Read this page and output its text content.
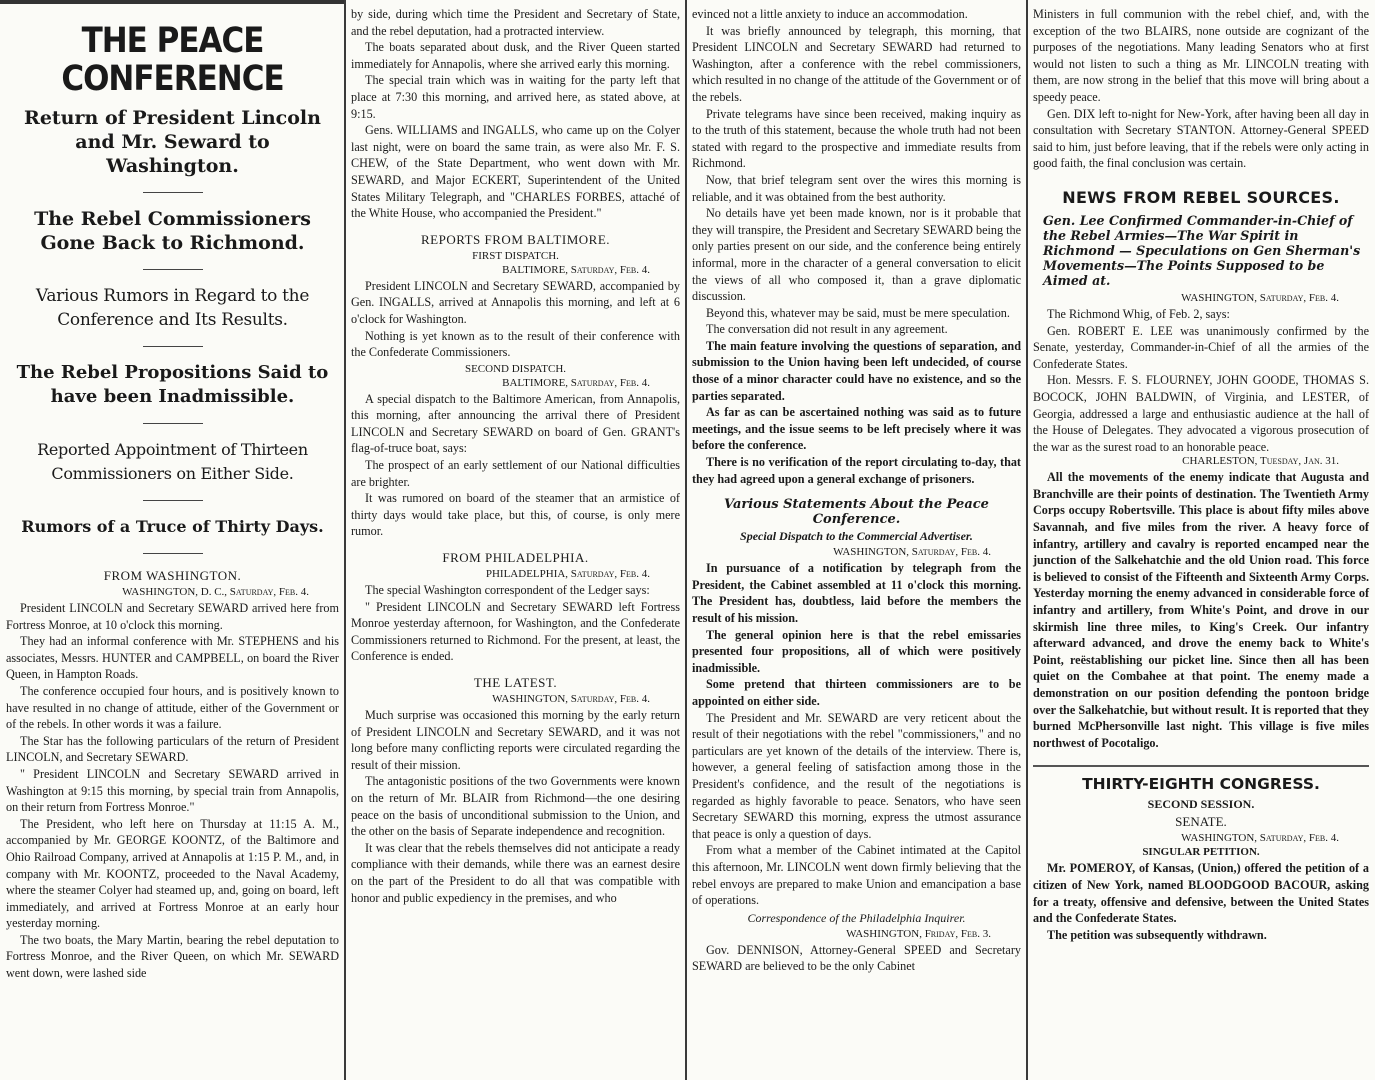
THE PEACE CONFERENCE
Return of President Lincoln and Mr. Seward to Washington.
The Rebel Commissioners Gone Back to Richmond.
Various Rumors in Regard to the Conference and Its Results.
The Rebel Propositions Said to have been Inadmissible.
Reported Appointment of Thirteen Commissioners on Either Side.
Rumors of a Truce of Thirty Days.
FROM WASHINGTON.
WASHINGTON, D. C., Saturday, Feb. 4.

President LINCOLN and Secretary SEWARD arrived here from Fortress Monroe, at 10 o'clock this morning.

They had an informal conference with Mr. STEPHENS and his associates, Messrs. HUNTER and CAMPBELL, on board the River Queen, in Hampton Roads.

The conference occupied four hours, and is positively known to have resulted in no change of attitude, either of the Government or of the rebels. In other words it was a failure.

The Star has the following particulars of the return of President LINCOLN, and Secretary SEWARD.

" President LINCOLN and Secretary SEWARD arrived in Washington at 9:15 this morning, by special train from Annapolis, on their return from Fortress Monroe."

The President, who left here on Thursday at 11:15 A. M., accompanied by Mr. GEORGE KOONTZ, of the Baltimore and Ohio Railroad Company, arrived at Annapolis at 1:15 P. M., and, in company with Mr. KOONTZ, proceeded to the Naval Academy, where the steamer Colyer had steamed up, and, going on board, left immediately, and arrived at Fortress Monroe at an early hour yesterday morning.

The two boats, the Mary Martin, bearing the rebel deputation to Fortress Monroe, and the River Queen, on which Mr. SEWARD went down, were lashed side

by side, during which time the President and Secretary of State, and the rebel deputation, had a protracted interview.

The boats separated about dusk, and the River Queen started immediately for Annapolis, where she arrived early this morning.

The special train which was in waiting for the party left that place at 7:30 this morning, and arrived here, as stated above, at 9:15.

Gens. WILLIAMS and INGALLS, who came up on the Colyer last night, were on board the same train, as were also Mr. F. S. CHEW, of the State Department, who went down with Mr. SEWARD, and Major ECKERT, Superintendent of the United States Military Telegraph, and "CHARLES FORBES, attaché of the White House, who accompanied the President."

REPORTS FROM BALTIMORE.
FIRST DISPATCH.
BALTIMORE, Saturday, Feb. 4.

President LINCOLN and Secretary SEWARD, accompanied by Gen. INGALLS, arrived at Annapolis this morning, and left at 6 o'clock for Washington.

Nothing is yet known as to the result of their conference with the Confederate Commissioners.

SECOND DISPATCH.
BALTIMORE, Saturday, Feb. 4.

A special dispatch to the Baltimore American, from Annapolis, this morning, after announcing the arrival there of President LINCOLN and Secretary SEWARD on board of Gen. GRANT's flag-of-truce boat, says:

The prospect of an early settlement of our National difficulties are brighter.

It was rumored on board of the steamer that an armistice of thirty days would take place, but this, of course, is only mere rumor.

FROM PHILADELPHIA.
PHILADELPHIA, Saturday, Feb. 4.

The special Washington correspondent of the Ledger says:

" President LINCOLN and Secretary SEWARD left Fortress Monroe yesterday afternoon, for Washington, and the Confederate Commissioners returned to Richmond. For the present, at least, the Conference is ended.

THE LATEST.
WASHINGTON, Saturday, Feb. 4.

Much surprise was occasioned this morning by the early return of President LINCOLN and Secretary SEWARD, and it was not long before many conflicting reports were circulated regarding the result of their mission.

The antagonistic positions of the two Governments were known on the return of Mr. BLAIR from Richmond—the one desiring peace on the basis of unconditional submission to the Union, and the other on the basis of Separate independence and recognition.

It was clear that the rebels themselves did not anticipate a ready compliance with their demands, while there was an earnest desire on the part of the President to do all that was compatible with honor and public expediency in the premises, and who

evinced not a little anxiety to induce an accommodation.

It was briefly announced by telegraph, this morning, that President LINCOLN and Secretary SEWARD had returned to Washington, after a conference with the rebel commissioners, which resulted in no change of the attitude of the Government or of the rebels.

Private telegrams have since been received, making inquiry as to the truth of this statement, because the whole truth had not been stated with regard to the prospective and immediate results from Richmond.

Now, that brief telegram sent over the wires this morning is reliable, and it was obtained from the best authority.

No details have yet been made known, nor is it probable that they will transpire, the President and Secretary SEWARD being the only parties present on our side, and the conference being entirely informal, more in the character of a general conversation to elicit the views of all who composed it, than a grave diplomatic discussion.

Beyond this, whatever may be said, must be mere speculation.

The conversation did not result in any agreement.

The main feature involving the questions of separation, and submission to the Union having been left undecided, of course those of a minor character could have no existence, and so the parties separated.

As far as can be ascertained nothing was said as to future meetings, and the issue seems to be left precisely where it was before the conference.

There is no verification of the report circulating to-day, that they had agreed upon a general exchange of prisoners.

Various Statements About the Peace Conference.
Special Dispatch to the Commercial Advertiser.
WASHINGTON, Saturday, Feb. 4.

In pursuance of a notification by telegraph from the President, the Cabinet assembled at 11 o'clock this morning. The President has, doubtless, laid before the members the result of his mission.

The general opinion here is that the rebel emissaries presented four propositions, all of which were positively inadmissible.

Some pretend that thirteen commissioners are to be appointed on either side.

The President and Mr. SEWARD are very reticent about the result of their negotiations with the rebel "commissioners," and no particulars are yet known of the details of the interview. There is, however, a general feeling of satisfaction among those in the President's confidence, and the result of the negotiations is regarded as highly favorable to peace. Senators, who have seen Secretary SEWARD this morning, express the utmost assurance that peace is only a question of days.

From what a member of the Cabinet intimated at the Capitol this afternoon, Mr. LINCOLN went down firmly believing that the rebel envoys are prepared to make Union and emancipation a base of operations.

Correspondence of the Philadelphia Inquirer.
WASHINGTON, Friday, Feb. 3.

Gov. DENNISON, Attorney-General SPEED and Secretary SEWARD are believed to be the only Cabinet

Ministers in full communion with the rebel chief, and, with the exception of the two BLAIRS, none outside are cognizant of the purposes of the negotiations. Many leading Senators who at first would not listen to such a thing as Mr. LINCOLN treating with them, are now strong in the belief that this move will bring about a speedy peace.

Gen. DIX left to-night for New-York, after having been all day in consultation with Secretary STANTON. Attorney-General SPEED said to him, just before leaving, that if the rebels were only acting in good faith, the final conclusion was certain.

NEWS FROM REBEL SOURCES.
Gen. Lee Confirmed Commander-in-Chief of the Rebel Armies—The War Spirit in Richmond — Speculations on Gen Sherman's Movements—The Points Supposed to be Aimed at.
WASHINGTON, Saturday, Feb. 4.

The Richmond Whig, of Feb. 2, says:

Gen. ROBERT E. LEE was unanimously confirmed by the Senate, yesterday, Commander-in-Chief of all the armies of the Confederate States.

Hon. Messrs. F. S. FLOURNEY, JOHN GOODE, THOMAS S. BOCOCK, JOHN BALDWIN, of Virginia, and LESTER, of Georgia, addressed a large and enthusiastic audience at the hall of the House of Delegates. They advocated a vigorous prosecution of the war as the surest road to an honorable peace.

CHARLESTON, Tuesday, Jan. 31.

All the movements of the enemy indicate that Augusta and Branchville are their points of destination. The Twentieth Army Corps occupy Robertsville. This place is about fifty miles above Savannah, and five miles from the river. A heavy force of infantry, artillery and cavalry is reported encamped near the junction of the Salkehatchie and the old Union road. This force is believed to consist of the Fifteenth and Sixteenth Army Corps. Yesterday morning the enemy advanced in considerable force of infantry and artillery, from White's Point, and drove in our skirmish line three miles, to King's Creek. Our infantry afterward advanced, and drove the enemy back to White's Point, reëstablishing our picket line. Since then all has been quiet on the Combahee at that point. The enemy made a demonstration on our position defending the pontoon bridge over the Salkehatchie, but without result. It is reported that they burned McPhersonville last night. This village is five miles northwest of Pocotaligo.

THIRTY-EIGHTH CONGRESS.
SECOND SESSION.
SENATE.
WASHINGTON, Saturday, Feb. 4.
SINGULAR PETITION.

Mr. POMEROY, of Kansas, (Union,) offered the petition of a citizen of New York, named BLOODGOOD BACOUR, asking for a treaty, offensive and defensive, between the United States and the Confederate States.

The petition was subsequently withdrawn.
